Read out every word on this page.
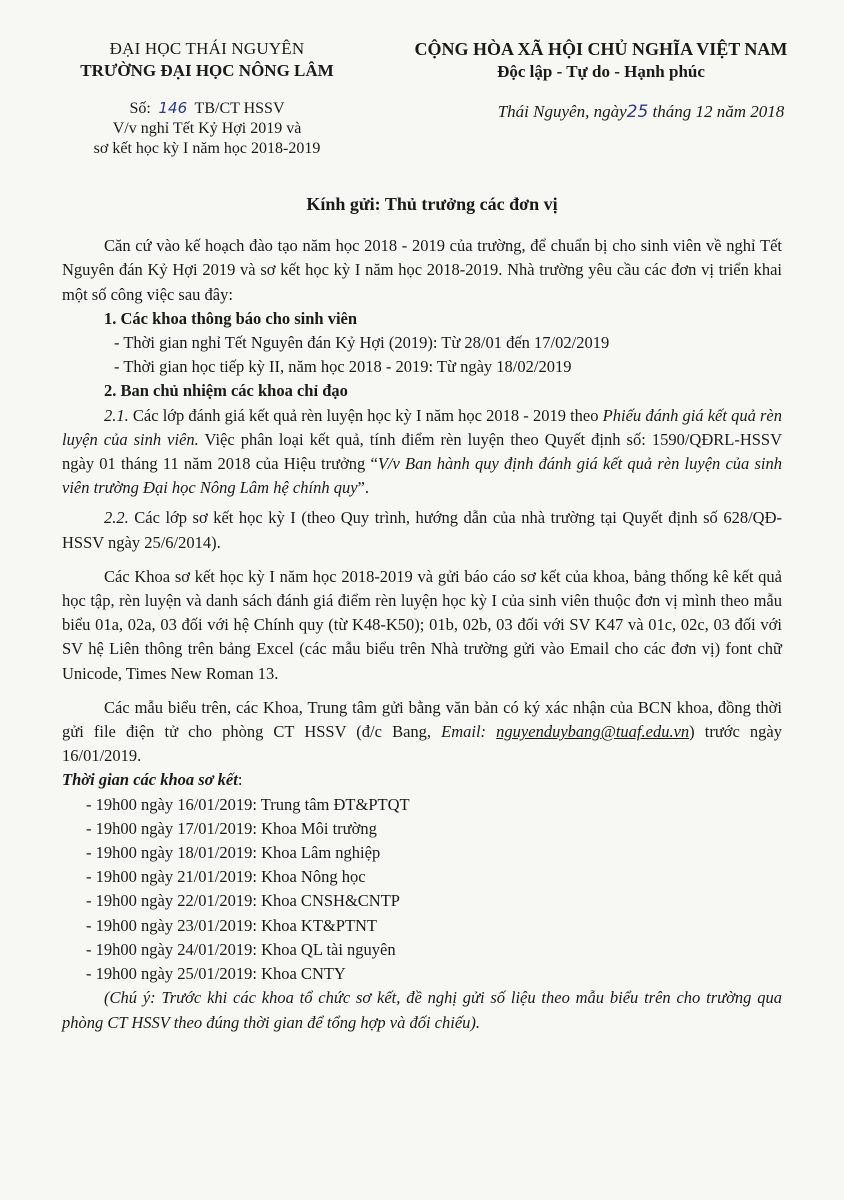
ĐẠI HỌC THÁI NGUYÊN
TRƯỜNG ĐẠI HỌC NÔNG LÂM
Số: 146 TB/CT HSSV
V/v nghỉ Tết Kỷ Hợi 2019 và
sơ kết học kỳ I năm học 2018-2019
CỘNG HÒA XÃ HỘI CHỦ NGHĨA VIỆT NAM
Độc lập - Tự do - Hạnh phúc
Thái Nguyên, ngày25 tháng 12 năm 2018
Kính gửi: Thủ trưởng các đơn vị

Căn cứ vào kế hoạch đào tạo năm học 2018 - 2019 của trường, để chuẩn bị cho sinh viên về nghỉ Tết Nguyên đán Kỷ Hợi 2019 và sơ kết học kỳ I năm học 2018-2019. Nhà trường yêu cầu các đơn vị triển khai một số công việc sau đây:

1. Các khoa thông báo cho sinh viên

- Thời gian nghỉ Tết Nguyên đán Kỷ Hợi (2019): Từ 28/01 đến 17/02/2019

- Thời gian học tiếp kỳ II, năm học 2018 - 2019: Từ ngày 18/02/2019

2. Ban chủ nhiệm các khoa chỉ đạo

2.1. Các lớp đánh giá kết quả rèn luyện học kỳ I năm học 2018 - 2019 theo Phiếu đánh giá kết quả rèn luyện của sinh viên. Việc phân loại kết quả, tính điểm rèn luyện theo Quyết định số: 1590/QĐRL-HSSV ngày 01 tháng 11 năm 2018 của Hiệu trưởng “V/v Ban hành quy định đánh giá kết quả rèn luyện của sinh viên trường Đại học Nông Lâm hệ chính quy”.

2.2. Các lớp sơ kết học kỳ I (theo Quy trình, hướng dẫn của nhà trường tại Quyết định số 628/QĐ-HSSV ngày 25/6/2014).

Các Khoa sơ kết học kỳ I năm học 2018-2019 và gửi báo cáo sơ kết của khoa, bảng thống kê kết quả học tập, rèn luyện và danh sách đánh giá điểm rèn luyện học kỳ I của sinh viên thuộc đơn vị mình theo mẫu biểu 01a, 02a, 03 đối với hệ Chính quy (từ K48-K50); 01b, 02b, 03 đối với SV K47 và 01c, 02c, 03 đối với SV hệ Liên thông trên bảng Excel (các mẫu biểu trên Nhà trường gửi vào Email cho các đơn vị) font chữ Unicode, Times New Roman 13.

Các mẫu biểu trên, các Khoa, Trung tâm gửi bằng văn bản có ký xác nhận của BCN khoa, đồng thời gửi file điện tử cho phòng CT HSSV (đ/c Bang, Email: nguyenduybang@tuaf.edu.vn) trước ngày 16/01/2019.

Thời gian các khoa sơ kết:

- 19h00 ngày 16/01/2019: Trung tâm ĐT&PTQT

- 19h00 ngày 17/01/2019: Khoa Môi trường

- 19h00 ngày 18/01/2019: Khoa Lâm nghiệp

- 19h00 ngày 21/01/2019: Khoa Nông học

- 19h00 ngày 22/01/2019: Khoa CNSH&CNTP

- 19h00 ngày 23/01/2019: Khoa KT&PTNT

- 19h00 ngày 24/01/2019: Khoa QL tài nguyên

- 19h00 ngày 25/01/2019: Khoa CNTY

(Chú ý: Trước khi các khoa tổ chức sơ kết, đề nghị gửi số liệu theo mẫu biểu trên cho trường qua phòng CT HSSV theo đúng thời gian để tổng hợp và đối chiếu).
